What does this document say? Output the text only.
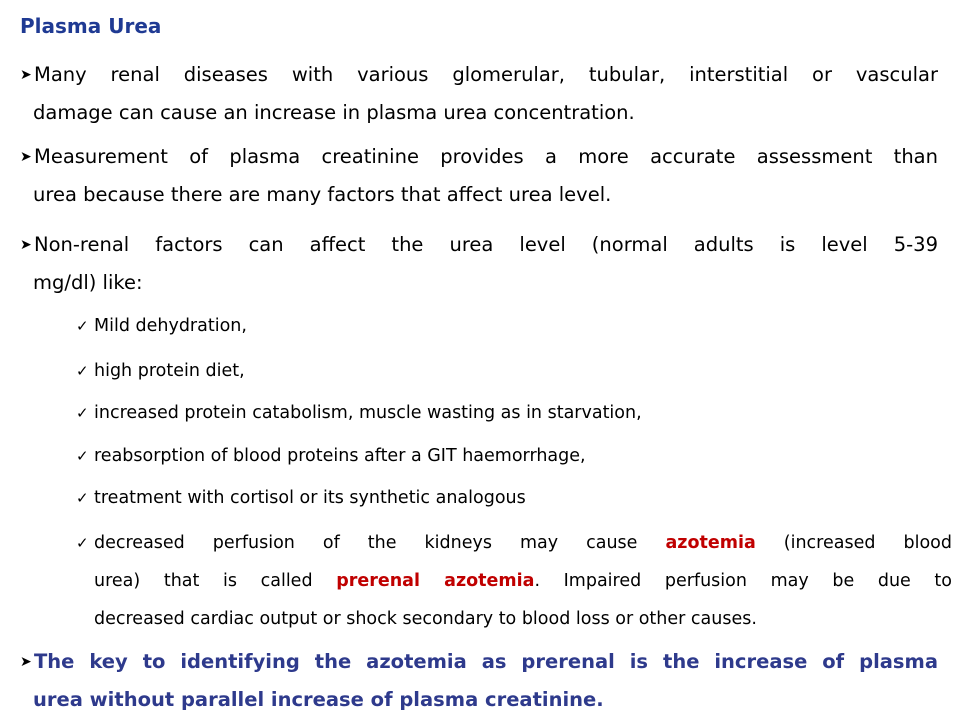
Plasma Urea
➤ Many renal diseases with various glomerular, tubular, interstitial or vascular
damage can cause an increase in plasma urea concentration.
➤ Measurement of plasma creatinine provides a more accurate assessment than
urea because there are many factors that affect urea level.
➤ Non-renal factors can affect the urea level (normal adults is level 5-39
mg/dl) like:
✓ Mild dehydration,
✓ high protein diet,
✓ increased protein catabolism, muscle wasting as in starvation,
✓ reabsorption of blood proteins after a GIT haemorrhage,
✓ treatment with cortisol or its synthetic analogous
✓ decreased perfusion of the kidneys may cause azotemia (increased blood
urea) that is called prerenal azotemia. Impaired perfusion may be due to
decreased cardiac output or shock secondary to blood loss or other causes.
➤ The key to identifying the azotemia as prerenal is the increase of plasma
urea without parallel increase of plasma creatinine.
